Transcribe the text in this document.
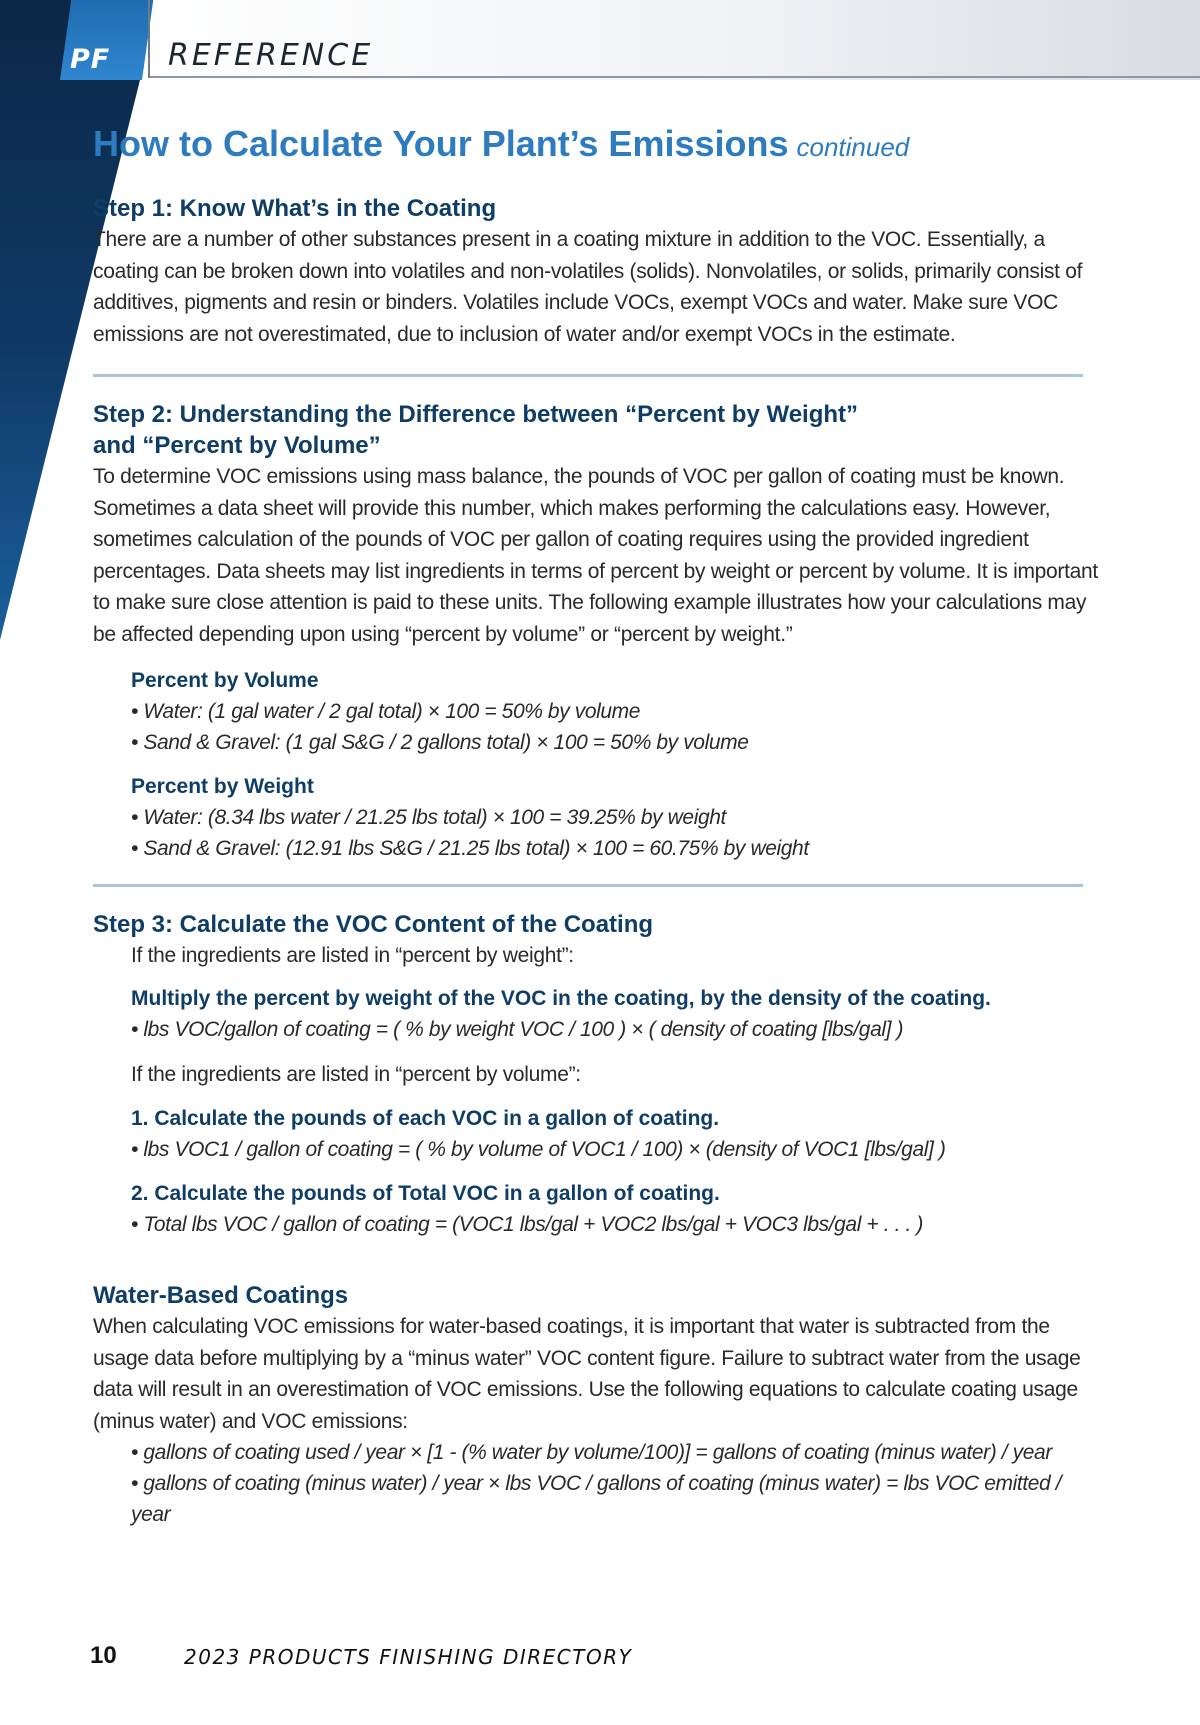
PF	REFERENCE
How to Calculate Your Plant’s Emissions continued
Step 1: Know What’s in the Coating

There are a number of other substances present in a coating mixture in addition to the VOC. Essentially, a coating can be broken down into volatiles and non-volatiles (solids). Nonvolatiles, or solids, primarily consist of additives, pigments and resin or binders. Volatiles include VOCs, exempt VOCs and water. Make sure VOC emissions are not overestimated, due to inclusion of water and/or exempt VOCs in the estimate.

Step 2: Understanding the Difference between “Percent by Weight”
and “Percent by Volume”

To determine VOC emissions using mass balance, the pounds of VOC per gallon of coating must be known. Sometimes a data sheet will provide this number, which makes performing the calculations easy. However, sometimes calculation of the pounds of VOC per gallon of coating requires using the provided ingredient percentages. Data sheets may list ingredients in terms of percent by weight or percent by volume. It is important to make sure close attention is paid to these units. The following example illustrates how your calculations may be affected depending upon using “percent by volume” or “percent by weight.”

Percent by Volume

• Water: (1 gal water / 2 gal total) × 100 = 50% by volume

• Sand & Gravel: (1 gal S&G / 2 gallons total) × 100 = 50% by volume

Percent by Weight

• Water: (8.34 lbs water / 21.25 lbs total) × 100 = 39.25% by weight

• Sand & Gravel: (12.91 lbs S&G / 21.25 lbs total) × 100 = 60.75% by weight

Step 3: Calculate the VOC Content of the Coating

If the ingredients are listed in “percent by weight”:

Multiply the percent by weight of the VOC in the coating, by the density of the coating.

• lbs VOC/gallon of coating = ( % by weight VOC / 100 ) × ( density of coating [lbs/gal] )

If the ingredients are listed in “percent by volume”:

1. Calculate the pounds of each VOC in a gallon of coating.

• lbs VOC1 / gallon of coating = ( % by volume of VOC1 / 100) × (density of VOC1 [lbs/gal] )

2. Calculate the pounds of Total VOC in a gallon of coating.

• Total lbs VOC / gallon of coating = (VOC1 lbs/gal + VOC2 lbs/gal + VOC3 lbs/gal + . . . )

Water-Based Coatings

When calculating VOC emissions for water-based coatings, it is important that water is subtracted from the usage data before multiplying by a “minus water” VOC content figure. Failure to subtract water from the usage data will result in an overestimation of VOC emissions. Use the following equations to calculate coating usage (minus water) and VOC emissions:

• gallons of coating used / year × [1 - (% water by volume/100)] = gallons of coating (minus water) / year

• gallons of coating (minus water) / year × lbs VOC / gallons of coating (minus water) = lbs VOC emitted / year

10	2023 PRODUCTS FINISHING DIRECTORY
